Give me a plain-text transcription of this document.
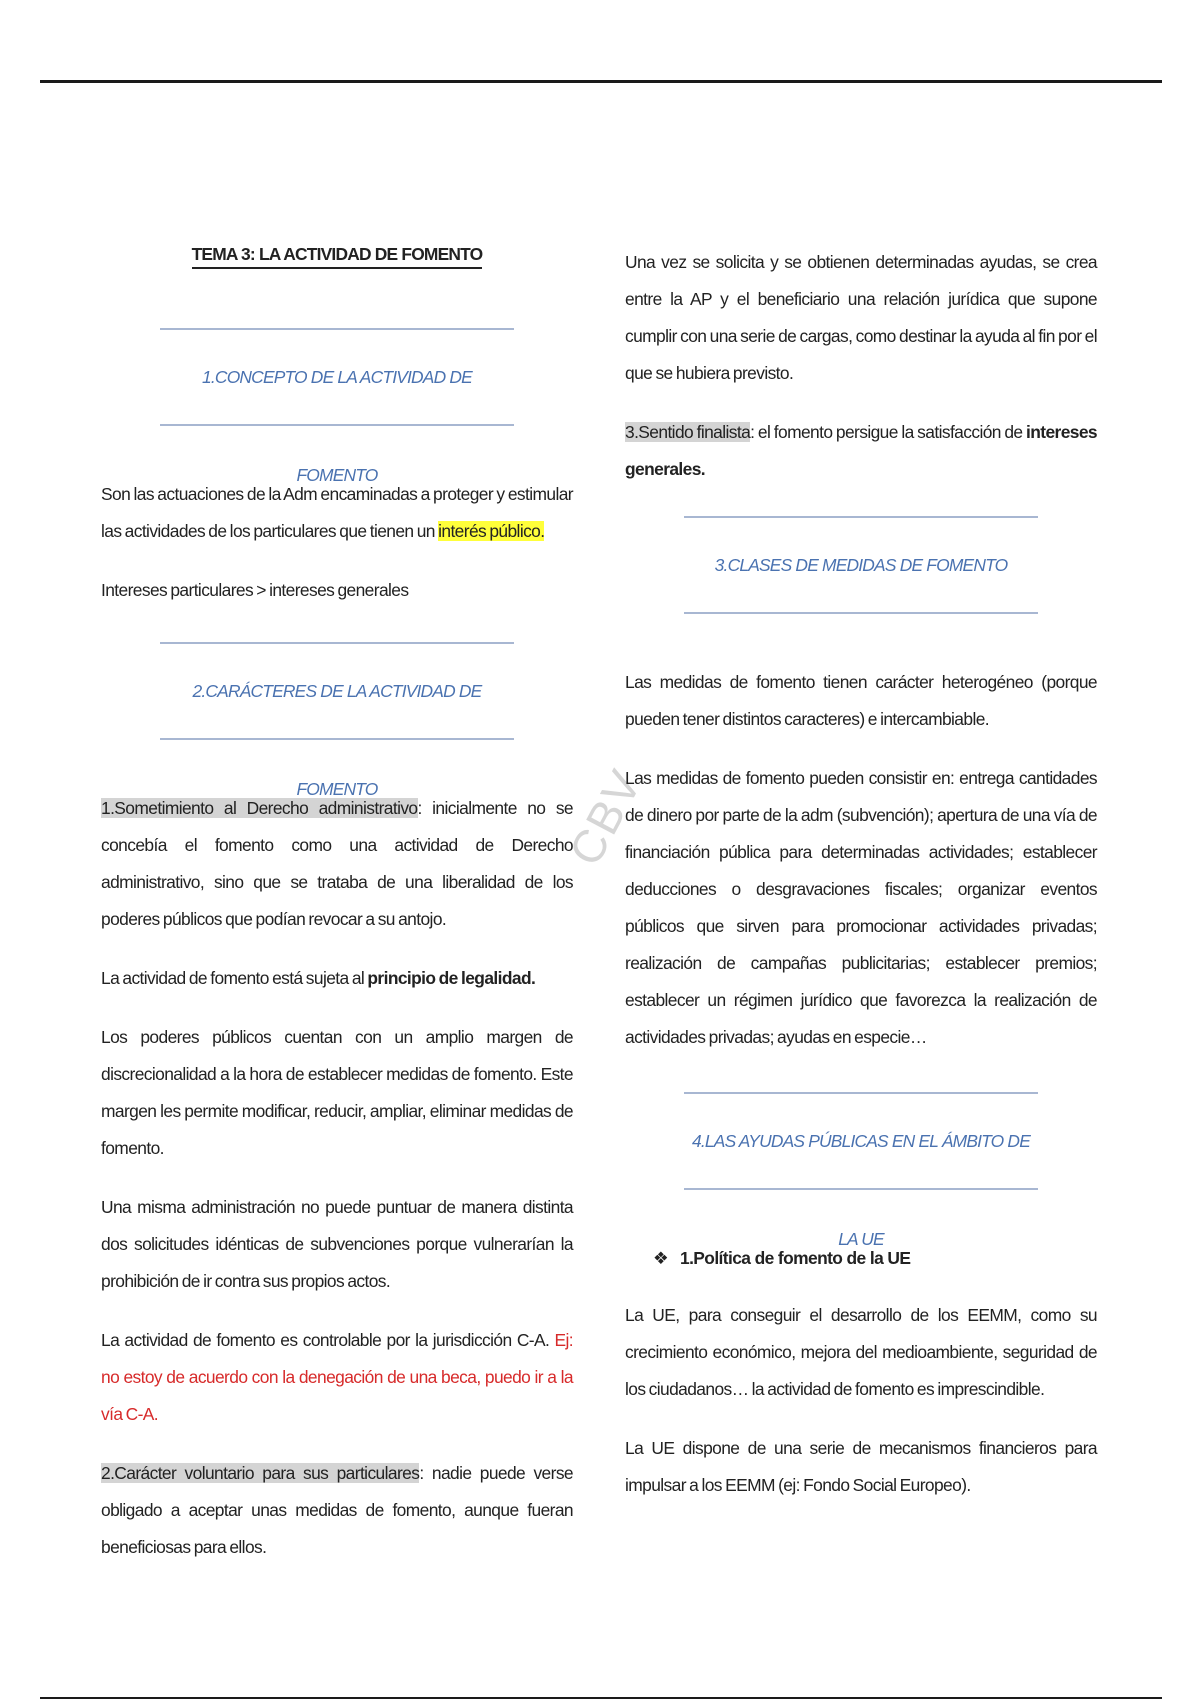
CBV
TEMA 3: LA ACTIVIDAD DE FOMENTO
1.CONCEPTO DE LA ACTIVIDAD DE FOMENTO

Son las actuaciones de la Adm encaminadas a proteger y estimular las actividades de los particulares que tienen un interés público.

Intereses particulares > intereses generales

2.CARÁCTERES DE LA ACTIVIDAD DE FOMENTO

1.Sometimiento al Derecho administrativo: inicialmente no se concebía el fomento como una actividad de Derecho administrativo, sino que se trataba de una liberalidad de los poderes públicos que podían revocar a su antojo.

La actividad de fomento está sujeta al principio de legalidad.

Los poderes públicos cuentan con un amplio margen de discrecionalidad a la hora de establecer medidas de fomento. Este margen les permite modificar, reducir, ampliar, eliminar medidas de fomento.

Una misma administración no puede puntuar de manera distinta dos solicitudes idénticas de subvenciones porque vulnerarían la prohibición de ir contra sus propios actos.

La actividad de fomento es controlable por la jurisdicción C-A. Ej: no estoy de acuerdo con la denegación de una beca, puedo ir a la vía C-A.

2.Carácter voluntario para sus particulares: nadie puede verse obligado a aceptar unas medidas de fomento, aunque fueran beneficiosas para ellos.

Una vez se solicita y se obtienen determinadas ayudas, se crea entre la AP y el beneficiario una relación jurídica que supone cumplir con una serie de cargas, como destinar la ayuda al fin por el que se hubiera previsto.

3.Sentido finalista: el fomento persigue la satisfacción de intereses generales.

3.CLASES DE MEDIDAS DE FOMENTO

Las medidas de fomento tienen carácter heterogéneo (porque pueden tener distintos caracteres) e intercambiable.

Las medidas de fomento pueden consistir en: entrega cantidades de dinero por parte de la adm (subvención); apertura de una vía de financiación pública para determinadas actividades; establecer deducciones o desgravaciones fiscales; organizar eventos públicos que sirven para promocionar actividades privadas; realización de campañas publicitarias; establecer premios; establecer un régimen jurídico que favorezca la realización de actividades privadas; ayudas en especie…

4.LAS AYUDAS PÚBLICAS EN EL ÁMBITO DE LA UE
❖ 1.Política de fomento de la UE

La UE, para conseguir el desarrollo de los EEMM, como su crecimiento económico, mejora del medioambiente, seguridad de los ciudadanos… la actividad de fomento es imprescindible.

La UE dispone de una serie de mecanismos financieros para impulsar a los EEMM (ej: Fondo Social Europeo).
